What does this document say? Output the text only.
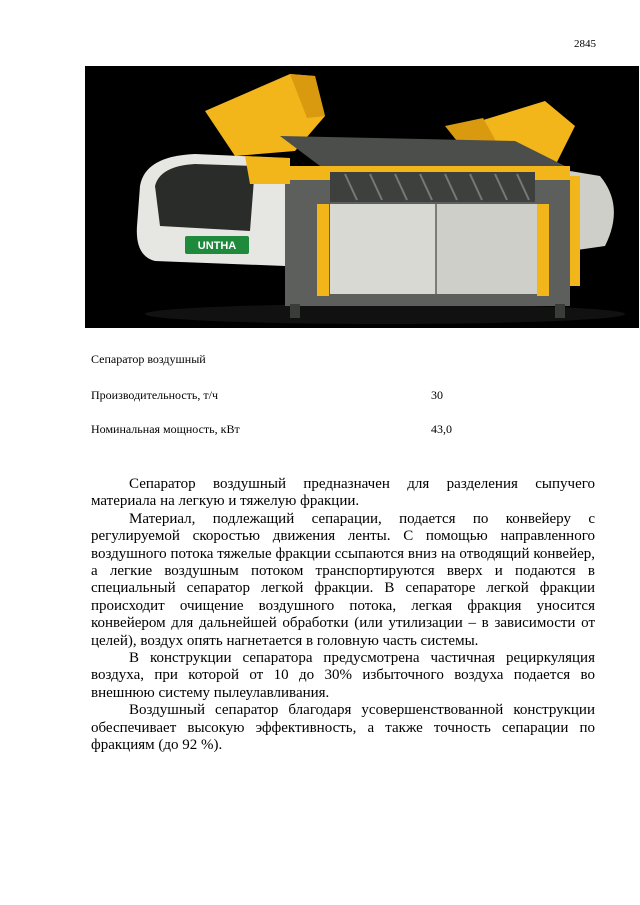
2845
UNTHA
Сепаратор воздушный
Производительность, т/ч	30
Номинальная мощность, кВт	43,0

Сепаратор воздушный предназначен для разделения сыпучего материала на легкую и тяжелую фракции.

Материал, подлежащий сепарации, подается по конвейеру с регулируемой скоростью движения ленты. С помощью направленного воздушного потока тяжелые фракции ссыпаются вниз на отводящий конвейер, а легкие воздушным потоком транспортируются вверх и подаются в специальный сепаратор легкой фракции. В сепараторе легкой фракции происходит очищение воздушного потока, легкая фракция уносится конвейером для дальнейшей обработки (или утилизации – в зависимости от целей), воздух опять нагнетается в головную часть системы.

В конструкции сепаратора предусмотрена частичная рециркуляция воздуха, при которой от 10 до 30% избыточного воздуха подается во внешнюю систему пылеулавливания.

Воздушный сепаратор благодаря усовершенствованной конструкции обеспечивает высокую эффективность, а также точность сепарации по фракциям (до 92 %).
